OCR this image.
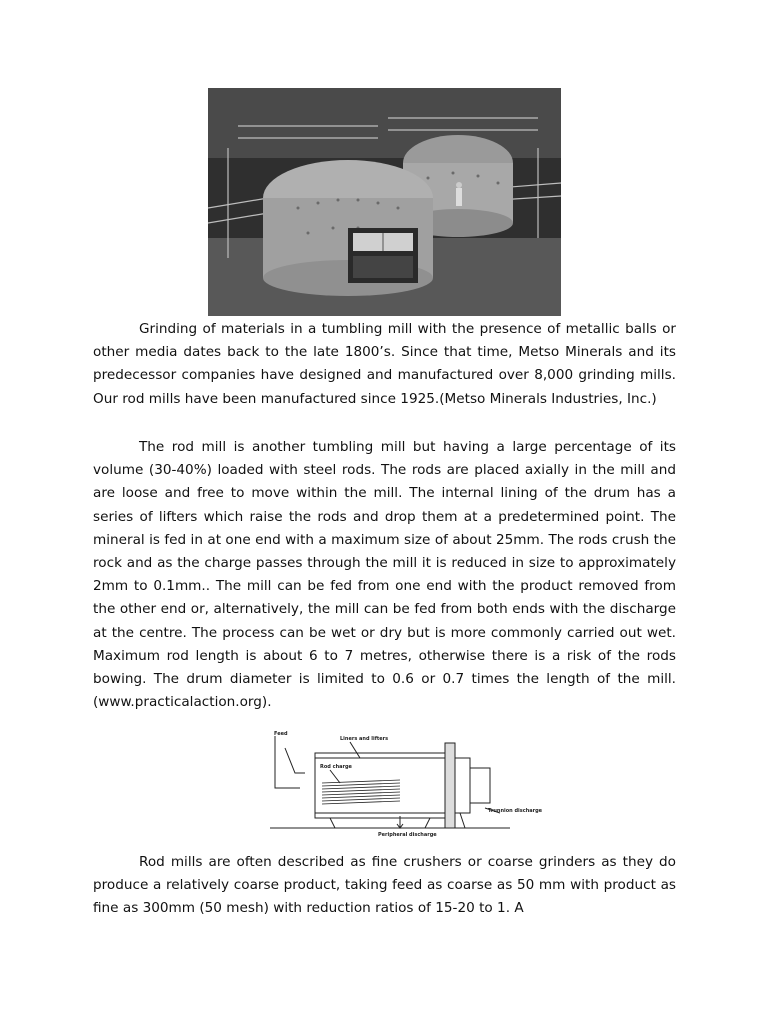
Grinding of materials in a tumbling mill with the presence of metallic balls or other media dates back to the late 1800’s. Since that time, Metso Minerals and its predecessor companies have designed and manufactured over 8,000 grinding mills. Our rod mills have been manufactured since 1925.(Metso Minerals Industries, Inc.)

The rod mill is another tumbling mill but having a large percentage of its volume (30-40%) loaded with steel rods. The rods are placed axially in the mill and are loose and free to move within the mill. The internal lining of the drum has a series of lifters which raise the rods and drop them at a predetermined point. The mineral is fed in at one end with a maximum size of about 25mm. The rods crush the rock and as the charge passes through the mill it is reduced in size to approximately 2mm to 0.1mm.. The mill can be fed from one end with the product removed from the other end or, alternatively, the mill can be fed from both ends with the discharge at the centre. The process can be wet or dry but is more commonly carried out wet. Maximum rod length is about 6 to 7 metres, otherwise there is a risk of the rods bowing. The drum diameter is limited to 0.6 or 0.7 times the length of the mill.(www.practicalaction.org).

Feed
Liners and lifters
Rod charge
Trunnion discharge
Peripheral discharge

Rod mills are often described as fine crushers or coarse grinders as they do produce a relatively coarse product, taking feed as coarse as 50 mm with product as fine as 300mm (50 mesh) with reduction ratios of 15-20 to 1. A
